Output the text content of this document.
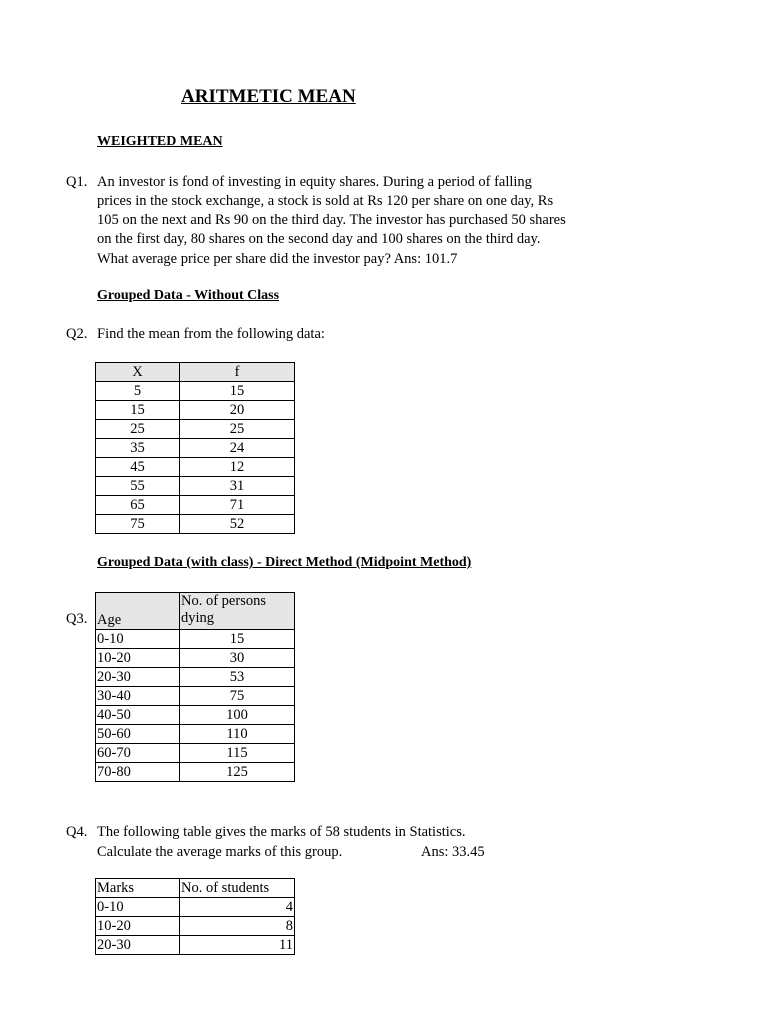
ARITMETIC MEAN
WEIGHTED MEAN
Q1. An investor is fond of investing in equity shares. During a period of falling
prices in the stock exchange, a stock is sold at Rs 120 per share on one day, Rs
105 on the next and Rs 90 on the third day. The investor has purchased 50 shares
on the first day, 80 shares on the second day and 100 shares on the third day.
What average price per share did the investor pay? Ans: 101.7
Grouped Data - Without Class
Q2. Find the mean from the following data:
X	f
5	15
15	20
25	25
35	24
45	12
55	31
65	71
75	52
Grouped Data (with class) - Direct Method (Midpoint Method)
Q3. Age	No. of persons
dying

0-10	15
10-20	30
20-30	53
30-40	75
40-50	100
50-60	110
60-70	115
70-80	125
Q4. The following table gives the marks of 58 students in Statistics.
Calculate the average marks of this group.	Ans: 33.45
Marks	No. of students
0-10	4
10-20	8
20-30	11
